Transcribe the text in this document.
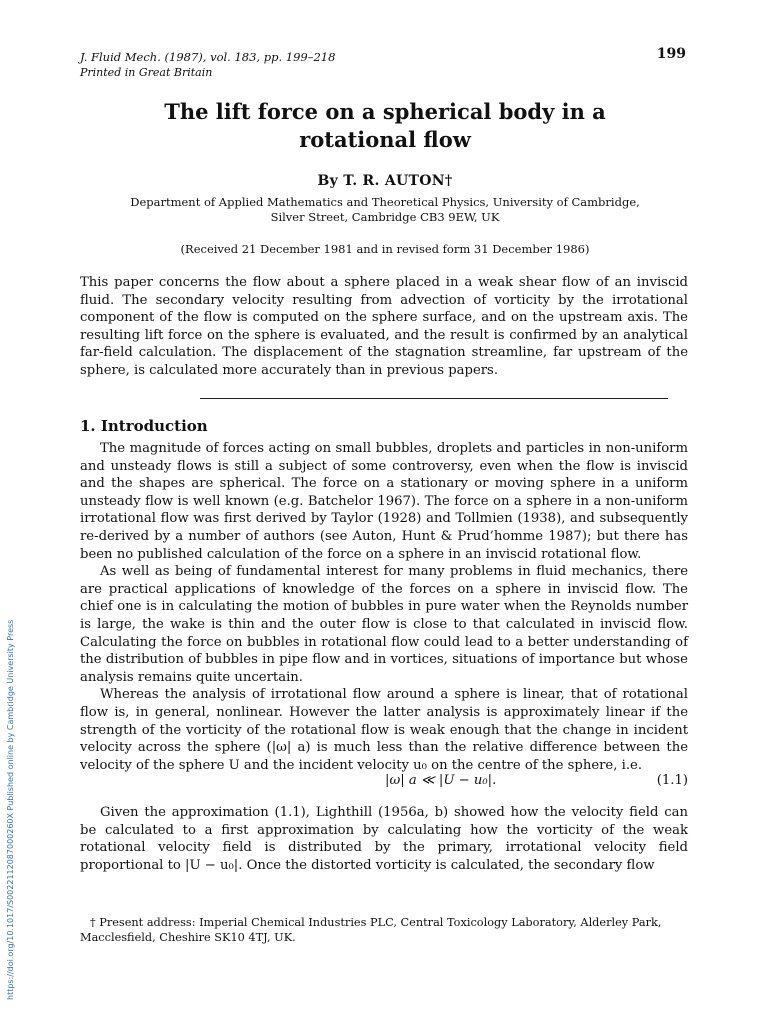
J. Fluid Mech. (1987), vol. 183, pp. 199–218
Printed in Great Britain
199
The lift force on a spherical body in a
rotational flow
By T. R. AUTON†
Department of Applied Mathematics and Theoretical Physics, University of Cambridge,
Silver Street, Cambridge CB3 9EW, UK
(Received 21 December 1981 and in revised form 31 December 1986)
This paper concerns the flow about a sphere placed in a weak shear flow of an inviscid fluid. The secondary velocity resulting from advection of vorticity by the irrotational component of the flow is computed on the sphere surface, and on the upstream axis. The resulting lift force on the sphere is evaluated, and the result is confirmed by an analytical far-field calculation. The displacement of the stagnation streamline, far upstream of the sphere, is calculated more accurately than in previous papers.
1. Introduction

The magnitude of forces acting on small bubbles, droplets and particles in non-uniform and unsteady flows is still a subject of some controversy, even when the flow is inviscid and the shapes are spherical. The force on a stationary or moving sphere in a uniform unsteady flow is well known (e.g. Batchelor 1967). The force on a sphere in a non-uniform irrotational flow was first derived by Taylor (1928) and Tollmien (1938), and subsequently re-derived by a number of authors (see Auton, Hunt & Prud’homme 1987); but there has been no published calculation of the force on a sphere in an inviscid rotational flow.

As well as being of fundamental interest for many problems in fluid mechanics, there are practical applications of knowledge of the forces on a sphere in inviscid flow. The chief one is in calculating the motion of bubbles in pure water when the Reynolds number is large, the wake is thin and the outer flow is close to that calculated in inviscid flow. Calculating the force on bubbles in rotational flow could lead to a better understanding of the distribution of bubbles in pipe flow and in vortices, situations of importance but whose analysis remains quite uncertain.

Whereas the analysis of irrotational flow around a sphere is linear, that of rotational flow is, in general, nonlinear. However the latter analysis is approximately linear if the strength of the vorticity of the rotational flow is weak enough that the change in incident velocity across the sphere (|ω| a) is much less than the relative difference between the velocity of the sphere U and the incident velocity u₀ on the centre of the sphere, i.e.

|ω| a ≪ |U − u₀|.	(1.1)

Given the approximation (1.1), Lighthill (1956a, b) showed how the velocity field can be calculated to a first approximation by calculating how the vorticity of the weak rotational velocity field is distributed by the primary, irrotational velocity field proportional to |U − u₀|. Once the distorted vorticity is calculated, the secondary flow

† Present address: Imperial Chemical Industries PLC, Central Toxicology Laboratory, Alderley Park, Macclesfield, Cheshire SK10 4TJ, UK.
https://doi.org/10.1017/S0022112087000260X Published online by Cambridge University Press
